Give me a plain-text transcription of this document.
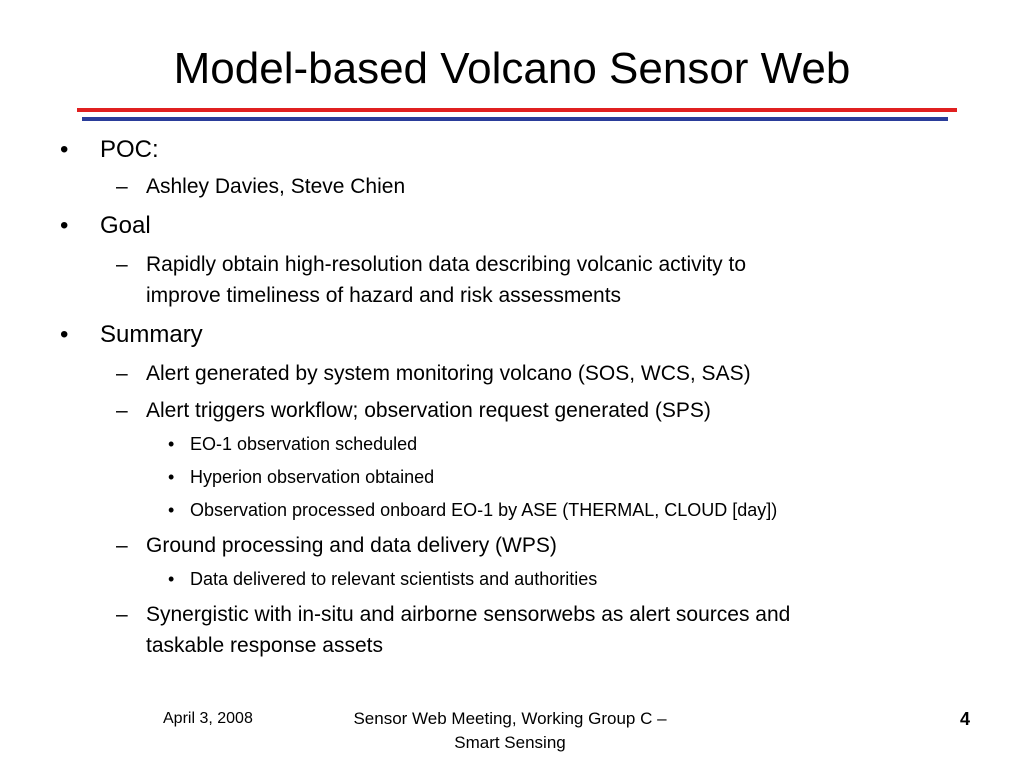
Model-based Volcano Sensor Web
• POC:
– Ashley Davies, Steve Chien
• Goal
– Rapidly obtain high-resolution data describing volcanic activity to
improve timeliness of hazard and risk assessments
• Summary
– Alert generated by system monitoring volcano (SOS, WCS, SAS)
– Alert triggers workflow; observation request generated (SPS)
• EO-1 observation scheduled
• Hyperion observation obtained
• Observation processed onboard EO-1 by ASE (THERMAL, CLOUD [day])
– Ground processing and data delivery (WPS)
• Data delivered to relevant scientists and authorities
– Synergistic with in-situ and airborne sensorwebs as alert sources and
taskable response assets
April 3, 2008	Sensor Web Meeting, Working Group C –
Smart Sensing
4
